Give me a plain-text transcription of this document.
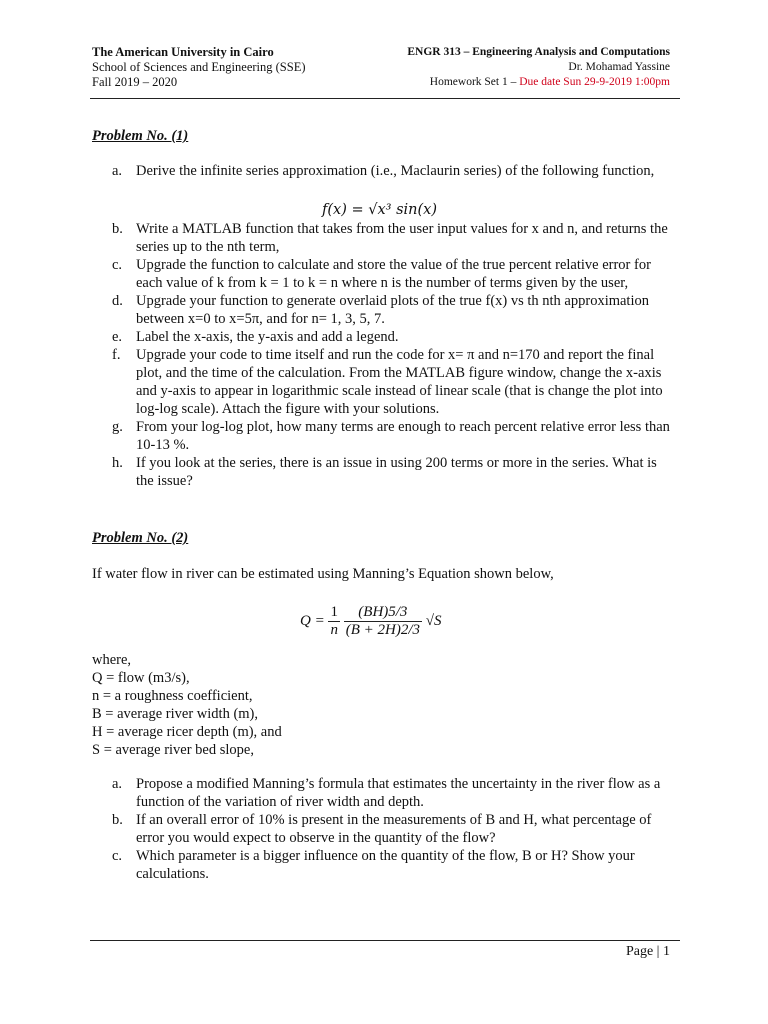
The American University in Cairo
School of Sciences and Engineering (SSE)
Fall 2019 – 2020
ENGR 313 – Engineering Analysis and Computations
Dr. Mohamad Yassine
Homework Set 1 – Due date Sun 29-9-2019 1:00pm
Problem No. (1)
a. Derive the infinite series approximation (i.e., Maclaurin series) of the following function,
f(x) = √x³ sin(x)
b. Write a MATLAB function that takes from the user input values for x and n, and returns the series up to the nth term,
c. Upgrade the function to calculate and store the value of the true percent relative error for each value of k from k = 1 to k = n where n is the number of terms given by the user,
d. Upgrade your function to generate overlaid plots of the true f(x) vs th nth approximation between x=0 to x=5π, and for n= 1, 3, 5, 7.
e. Label the x-axis, the y-axis and add a legend.
f.	Upgrade your code to time itself and run the code for x= π and n=170 and report the final plot, and the time of the calculation. From the MATLAB figure window, change the x-axis and y-axis to appear in logarithmic scale instead of linear scale (that is change the plot into log-log scale). Attach the figure with your solutions.
g. From your log-log plot, how many terms are enough to reach percent relative error less than 10-13 %.
h. If you look at the series, there is an issue in using 200 terms or more in the series. What is the issue?
Problem No. (2)
If water flow in river can be estimated using Manning’s Equation shown below,
$Q = \frac{1}{n}$
$\frac{(BH)5/3}{(B + 2H)2/3} √S$
where,
Q = flow (m3/s),
n = a roughness coefficient,
B = average river width (m),
H = average ricer depth (m), and
S = average river bed slope,
a. Propose a modified Manning’s formula that estimates the uncertainty in the river flow as a function of the variation of river width and depth.
b. If an overall error of 10% is present in the measurements of B and H, what percentage of error you would expect to observe in the quantity of the flow?
c. Which parameter is a bigger influence on the quantity of the flow, B or H? Show your calculations.
Page | 1
